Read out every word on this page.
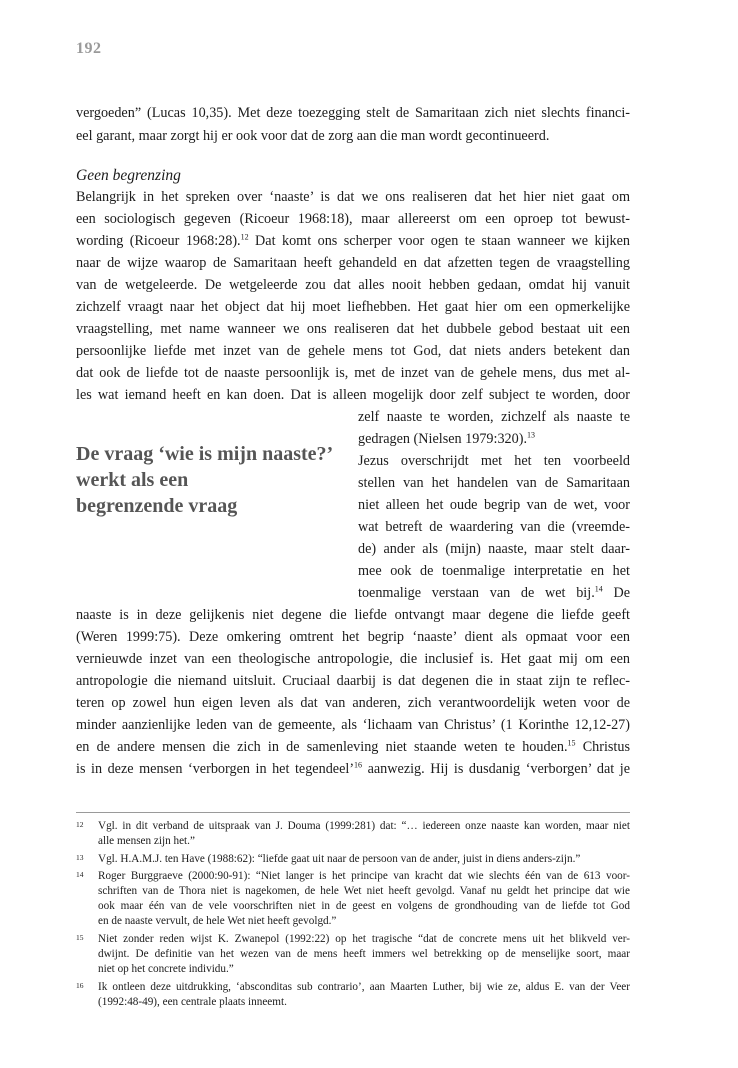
192
vergoeden” (Lucas 10,35). Met deze toezegging stelt de Samaritaan zich niet slechts financi-
eel garant, maar zorgt hij er ook voor dat de zorg aan die man wordt gecontinueerd.
Geen begrenzing
Belangrijk in het spreken over ‘naaste’ is dat we ons realiseren dat het hier niet gaat om
een sociologisch gegeven (Ricoeur 1968:18), maar allereerst om een oproep tot bewust-
wording (Ricoeur 1968:28).$^{12}$ Dat komt ons scherper voor ogen te staan wanneer we kijken
naar de wijze waarop de Samaritaan heeft gehandeld en dat afzetten tegen de vraagstelling
van de wetgeleerde. De wetgeleerde zou dat alles nooit hebben gedaan, omdat hij vanuit
zichzelf vraagt naar het object dat hij moet liefhebben. Het gaat hier om een opmerkelijke
vraagstelling, met name wanneer we ons realiseren dat het dubbele gebod bestaat uit een
persoonlijke liefde met inzet van de gehele mens tot God, dat niets anders betekent dan
dat ook de liefde tot de naaste persoonlijk is, met de inzet van de gehele mens, dus met al-
les wat iemand heeft en kan doen. Dat is alleen mogelijk door zelf subject te worden, door
De vraag ‘wie is mijn naaste?’
werkt als een
begrenzende vraag
zelf naaste te worden, zichzelf als naaste te
gedragen (Nielsen 1979:320).$^{13}$
Jezus overschrijdt met het ten voorbeeld
stellen van het handelen van de Samaritaan
niet alleen het oude begrip van de wet, voor
wat betreft de waardering van die (vreemde-
de) ander als (mijn) naaste, maar stelt daar-
mee ook de toenmalige interpretatie en het
toenmalige verstaan van de wet bij.$^{14}$ De
naaste is in deze gelijkenis niet degene die liefde ontvangt maar degene die liefde geeft
(Weren 1999:75). Deze omkering omtrent het begrip ‘naaste’ dient als opmaat voor een
vernieuwde inzet van een theologische antropologie, die inclusief is. Het gaat mij om een
antropologie die niemand uitsluit. Cruciaal daarbij is dat degenen die in staat zijn te reflec-
teren op zowel hun eigen leven als dat van anderen, zich verantwoordelijk weten voor de
minder aanzienlijke leden van de gemeente, als ‘lichaam van Christus’ (1 Korinthe 12,12-27)
en de andere mensen die zich in de samenleving niet staande weten te houden.$^{15}$ Christus
is in deze mensen ‘verborgen in het tegendeel’$^{16}$ aanwezig. Hij is dusdanig ‘verborgen’ dat je
12 Vgl. in dit verband de uitspraak van J. Douma (1999:281) dat: “… iedereen onze naaste kan worden, maar niet
alle mensen zijn het.”
13 Vgl. H.A.M.J. ten Have (1988:62): “liefde gaat uit naar de persoon van de ander, juist in diens anders-zijn.”
14 Roger Burggraeve (2000:90-91): “Niet langer is het principe van kracht dat wie slechts één van de 613 voor-
schriften van de Thora niet is nagekomen, de hele Wet niet heeft gevolgd. Vanaf nu geldt het principe dat wie
ook maar één van de vele voorschriften niet in de geest en volgens de grondhouding van de liefde tot God
en de naaste vervult, de hele Wet niet heeft gevolgd.”
15 Niet zonder reden wijst K. Zwanepol (1992:22) op het tragische “dat de concrete mens uit het blikveld ver-
dwijnt. De definitie van het wezen van de mens heeft immers wel betrekking op de menselijke soort, maar
niet op het concrete individu.”
16 Ik ontleen deze uitdrukking, ‘absconditas sub contrario’, aan Maarten Luther, bij wie ze, aldus E. van der Veer
(1992:48-49), een centrale plaats inneemt.
